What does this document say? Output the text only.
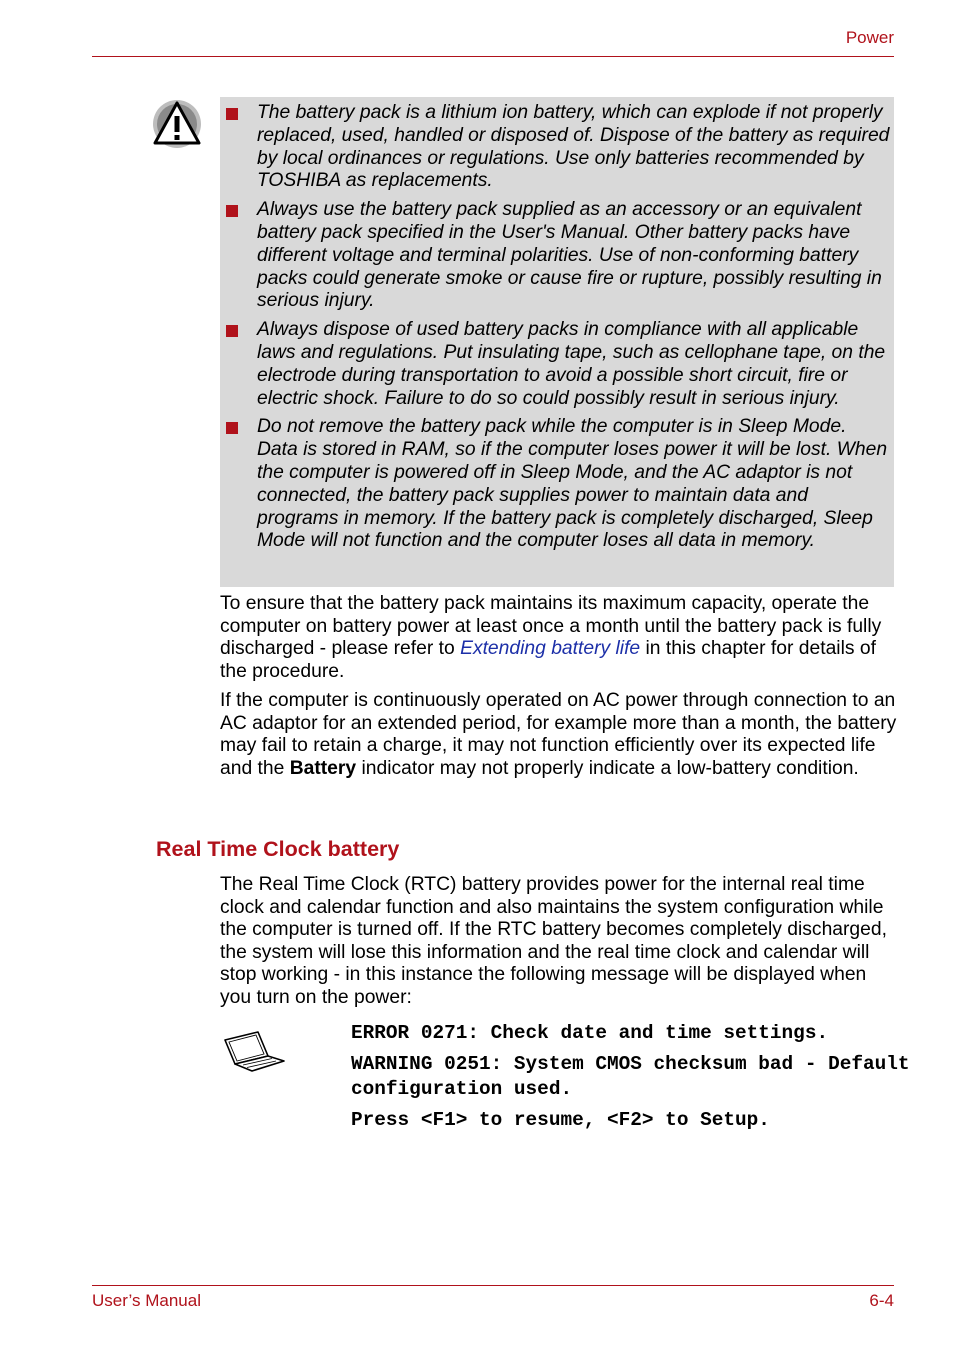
Power
The battery pack is a lithium ion battery, which can explode if not properly replaced, used, handled or disposed of. Dispose of the battery as required by local ordinances or regulations. Use only batteries recommended by TOSHIBA as replacements.
Always use the battery pack supplied as an accessory or an equivalent battery pack specified in the User's Manual. Other battery packs have different voltage and terminal polarities. Use of non-conforming battery packs could generate smoke or cause fire or rupture, possibly resulting in serious injury.
Always dispose of used battery packs in compliance with all applicable laws and regulations. Put insulating tape, such as cellophane tape, on the electrode during transportation to avoid a possible short circuit, fire or electric shock. Failure to do so could possibly result in serious injury.
Do not remove the battery pack while the computer is in Sleep Mode. Data is stored in RAM, so if the computer loses power it will be lost. When the computer is powered off in Sleep Mode, and the AC adaptor is not connected, the battery pack supplies power to maintain data and programs in memory. If the battery pack is completely discharged, Sleep Mode will not function and the computer loses all data in memory.

To ensure that the battery pack maintains its maximum capacity, operate the computer on battery power at least once a month until the battery pack is fully discharged - please refer to Extending battery life in this chapter for details of the procedure.

If the computer is continuously operated on AC power through connection to an AC adaptor for an extended period, for example more than a month, the battery may fail to retain a charge, it may not function efficiently over its expected life and the Battery indicator may not properly indicate a low-battery condition.

Real Time Clock battery

The Real Time Clock (RTC) battery provides power for the internal real time clock and calendar function and also maintains the system configuration while the computer is turned off. If the RTC battery becomes completely discharged, the system will lose this information and the real time clock and calendar will stop working - in this instance the following message will be displayed when you turn on the power:

ERROR 0271: Check date and time settings.

WARNING 0251: System CMOS checksum bad - Default configuration used.

Press <F1> to resume, <F2> to Setup.

User’s Manual	6-4
